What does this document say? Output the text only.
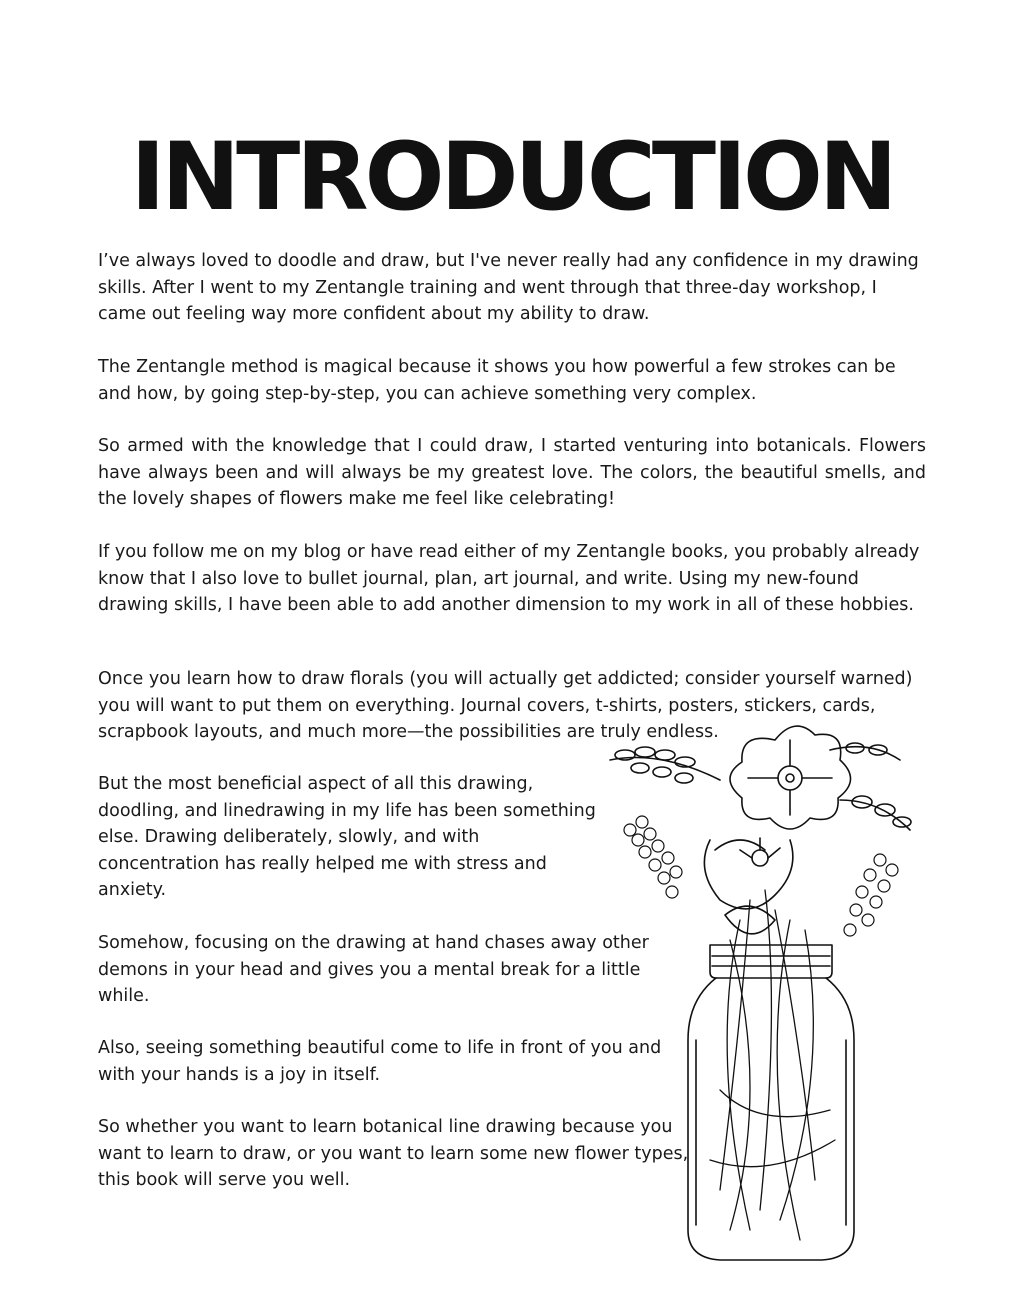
INTRODUCTION

I’ve always loved to doodle and draw, but I've never really had any confidence in my drawing skills. After I went to my Zentangle training and went through that three-day workshop, I came out feeling way more confident about my ability to draw.

The Zentangle method is magical because it shows you how powerful a few strokes can be and how, by going step-by-step, you can achieve something very complex.

So armed with the knowledge that I could draw, I started venturing into botanicals. Flowers have always been and will always be my greatest love. The colors, the beautiful smells, and the lovely shapes of flowers make me feel like celebrating!

If you follow me on my blog or have read either of my Zentangle books, you probably already know that I also love to bullet journal, plan, art journal, and write. Using my new-found drawing skills, I have been able to add another dimension to my work in all of these hobbies.

Once you learn how to draw florals (you will actually get addicted; consider yourself warned) you will want to put them on everything. Journal covers, t-shirts, posters, stickers, cards, scrapbook layouts, and much more—the possibilities are truly endless.

But the most beneficial aspect of all this drawing, doodling, and linedrawing in my life has been something else. Drawing deliberately, slowly, and with concentration has really helped me with stress and anxiety.

Somehow, focusing on the drawing at hand chases away other demons in your head and gives you a mental break for a little while.

Also, seeing something beautiful come to life in front of you and with your hands is a joy in itself.

So whether you want to learn botanical line drawing because you want to learn to draw, or you want to learn some new flower types, this book will serve you well.
